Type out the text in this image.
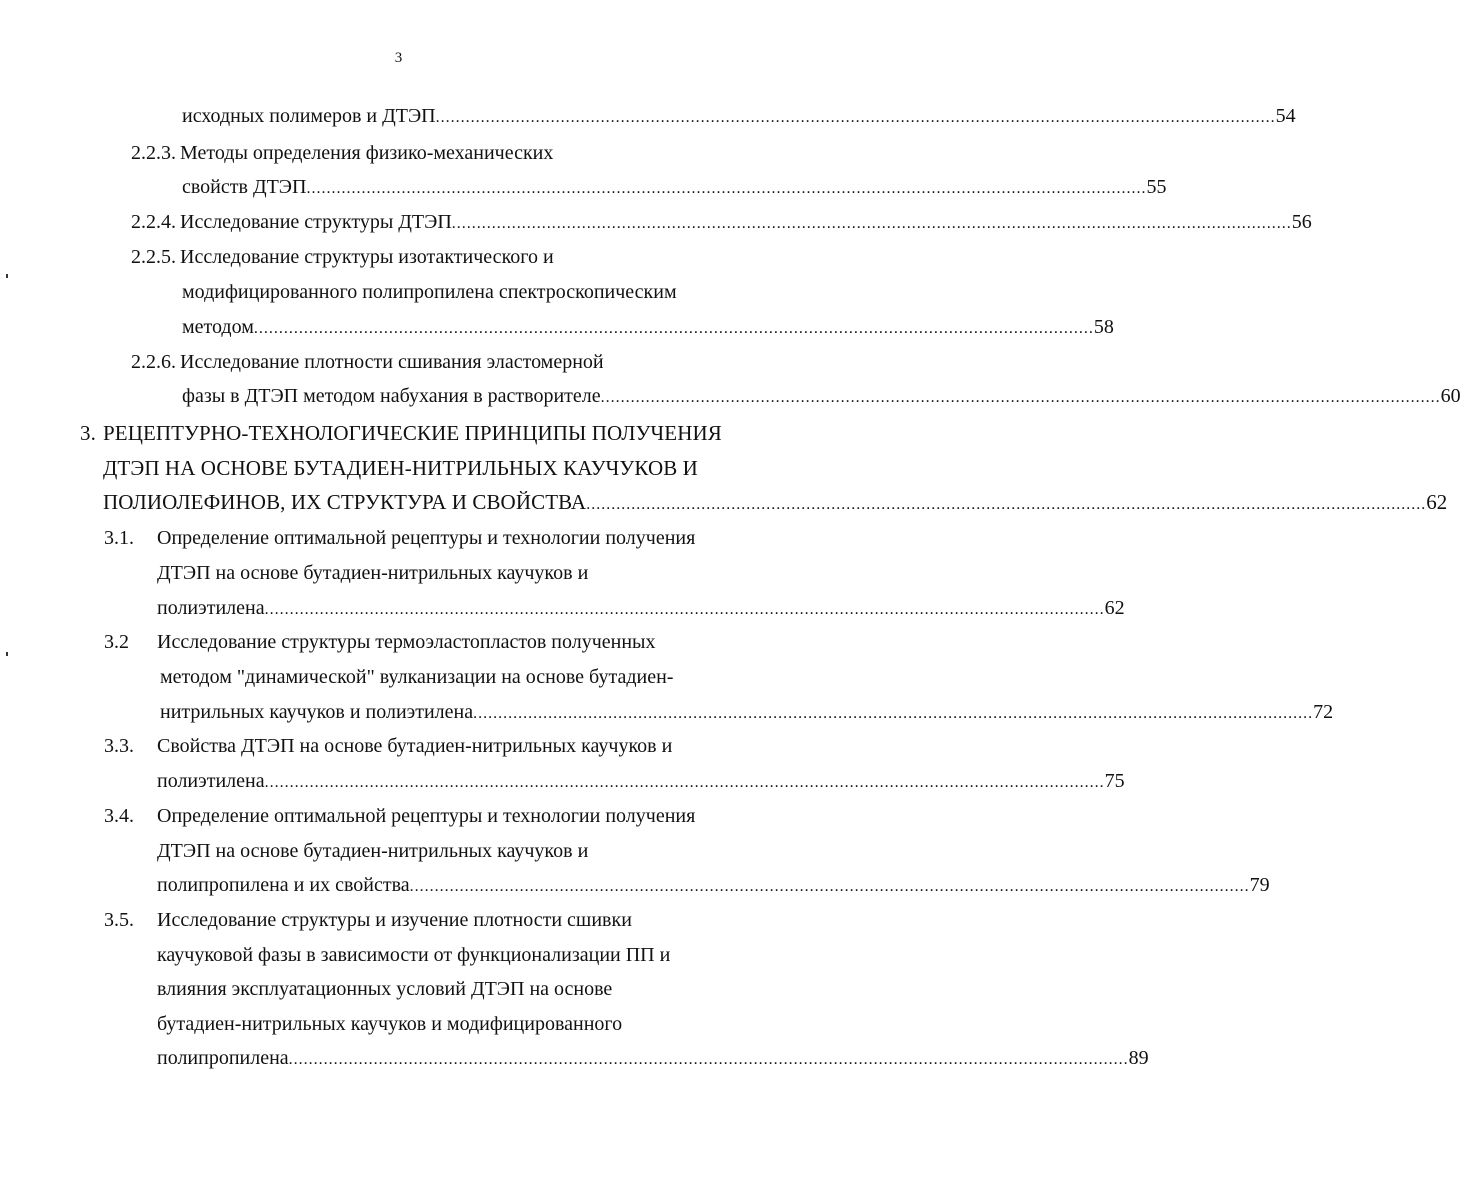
3
исходных полимеров и ДТЭП ........................................................................................................................................................................ 54
2.2.3. Методы определения физико-механических
свойств ДТЭП ........................................................................................................................................................................ 55
2.2.4. Исследование структуры ДТЭП ........................................................................................................................................................................ 56
2.2.5. Исследование структуры изотактического и
модифицированного полипропилена спектроскопическим
методом ........................................................................................................................................................................ 58
2.2.6. Исследование плотности сшивания эластомерной
фазы в ДТЭП методом набухания в растворителе ........................................................................................................................................................................ 60
3. РЕЦЕПТУРНО-ТЕХНОЛОГИЧЕСКИЕ ПРИНЦИПЫ ПОЛУЧЕНИЯ
ДТЭП НА ОСНОВЕ БУТАДИЕН-НИТРИЛЬНЫХ КАУЧУКОВ И
ПОЛИОЛЕФИНОВ, ИХ СТРУКТУРА И СВОЙСТВА ........................................................................................................................................................................ 62
3.1. Определение оптимальной рецептуры и технологии получения
ДТЭП на основе бутадиен-нитрильных каучуков и
полиэтилена ........................................................................................................................................................................ 62
3.2 Исследование структуры термоэластопластов полученных
методом "динамической" вулканизации на основе бутадиен-
нитрильных каучуков и полиэтилена ........................................................................................................................................................................ 72
3.3. Свойства ДТЭП на основе бутадиен-нитрильных каучуков и
полиэтилена ........................................................................................................................................................................ 75
3.4. Определение оптимальной рецептуры и технологии получения
ДТЭП на основе бутадиен-нитрильных каучуков и
полипропилена и их свойства ........................................................................................................................................................................ 79
3.5. Исследование структуры и изучение плотности сшивки
каучуковой фазы в зависимости от функционализации ПП и
влияния эксплуатационных условий ДТЭП на основе
бутадиен-нитрильных каучуков и модифицированного
полипропилена ........................................................................................................................................................................ 89
